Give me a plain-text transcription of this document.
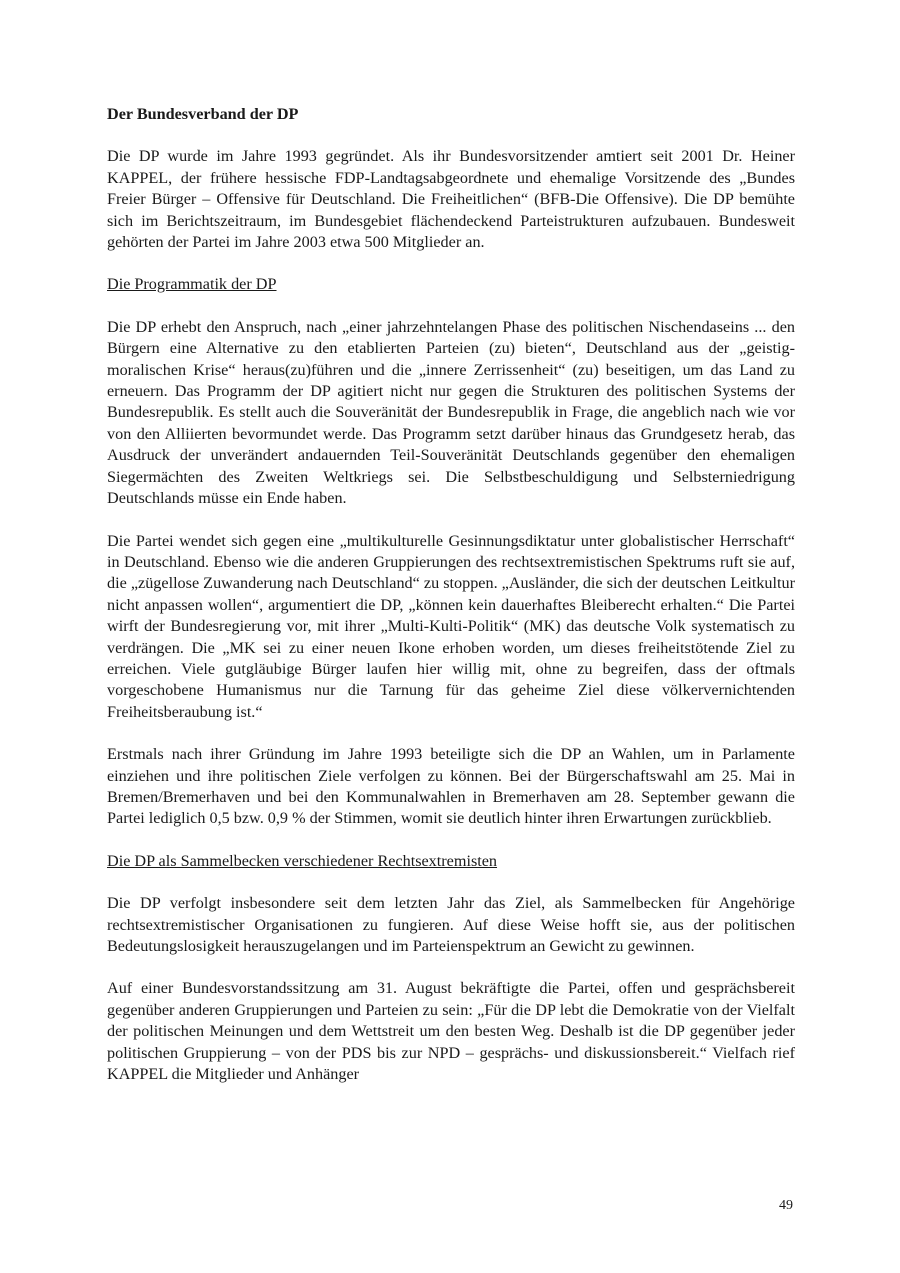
Der Bundesverband der DP

Die DP wurde im Jahre 1993 gegründet. Als ihr Bundesvorsitzender amtiert seit 2001 Dr. Heiner KAPPEL, der frühere hessische FDP-Landtagsabgeordnete und ehemalige Vorsitzende des „Bundes Freier Bürger – Offensive für Deutschland. Die Freiheitlichen“ (BFB-Die Offensive). Die DP bemühte sich im Berichtszeitraum, im Bundesgebiet flächendeckend Parteistrukturen aufzubauen. Bundesweit gehörten der Partei im Jahre 2003 etwa 500 Mitglieder an.

Die Programmatik der DP

Die DP erhebt den Anspruch, nach „einer jahrzehntelangen Phase des politischen Nischendaseins ... den Bürgern eine Alternative zu den etablierten Parteien (zu) bieten“, Deutschland aus der „geistig-moralischen Krise“ heraus(zu)führen und die „innere Zerrissenheit“ (zu) beseitigen, um das Land zu erneuern. Das Programm der DP agitiert nicht nur gegen die Strukturen des politischen Systems der Bundesrepublik. Es stellt auch die Souveränität der Bundesrepublik in Frage, die angeblich nach wie vor von den Alliierten bevormundet werde. Das Programm setzt darüber hinaus das Grundgesetz herab, das Ausdruck der unverändert andauernden Teil-Souveränität Deutschlands gegenüber den ehemaligen Siegermächten des Zweiten Weltkriegs sei. Die Selbstbeschuldigung und Selbsterniedrigung Deutschlands müsse ein Ende haben.

Die Partei wendet sich gegen eine „multikulturelle Gesinnungsdiktatur unter globalistischer Herrschaft“ in Deutschland. Ebenso wie die anderen Gruppierungen des rechtsextremistischen Spektrums ruft sie auf, die „zügellose Zuwanderung nach Deutschland“ zu stoppen. „Ausländer, die sich der deutschen Leitkultur nicht anpassen wollen“, argumentiert die DP, „können kein dauerhaftes Bleiberecht erhalten.“ Die Partei wirft der Bundesregierung vor, mit ihrer „Multi-Kulti-Politik“ (MK) das deutsche Volk systematisch zu verdrängen. Die „MK sei zu einer neuen Ikone erhoben worden, um dieses freiheitstötende Ziel zu erreichen. Viele gutgläubige Bürger laufen hier willig mit, ohne zu begreifen, dass der oftmals vorgeschobene Humanismus nur die Tarnung für das geheime Ziel diese völkervernichtenden Freiheitsberaubung ist.“

Erstmals nach ihrer Gründung im Jahre 1993 beteiligte sich die DP an Wahlen, um in Parlamente einziehen und ihre politischen Ziele verfolgen zu können. Bei der Bürgerschaftswahl am 25. Mai in Bremen/Bremerhaven und bei den Kommunalwahlen in Bremerhaven am 28. September gewann die Partei lediglich 0,5 bzw. 0,9 % der Stimmen, womit sie deutlich hinter ihren Erwartungen zurückblieb.

Die DP als Sammelbecken verschiedener Rechtsextremisten

Die DP verfolgt insbesondere seit dem letzten Jahr das Ziel, als Sammelbecken für Angehörige rechtsextremistischer Organisationen zu fungieren. Auf diese Weise hofft sie, aus der politischen Bedeutungslosigkeit herauszugelangen und im Parteienspektrum an Gewicht zu gewinnen.

Auf einer Bundesvorstandssitzung am 31. August bekräftigte die Partei, offen und gesprächsbereit gegenüber anderen Gruppierungen und Parteien zu sein: „Für die DP lebt die Demokratie von der Vielfalt der politischen Meinungen und dem Wettstreit um den besten Weg. Deshalb ist die DP gegenüber jeder politischen Gruppierung – von der PDS bis zur NPD – gesprächs- und diskussionsbereit.“ Vielfach rief KAPPEL die Mitglieder und Anhänger

49
